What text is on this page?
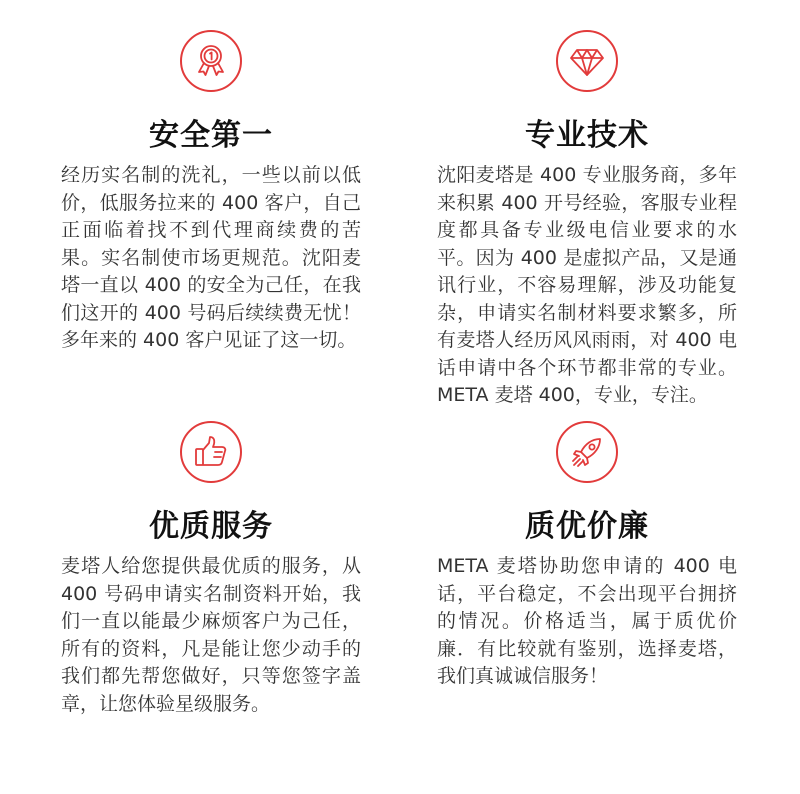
安全第一

经历实名制的洗礼，一些以前以低价，低服务拉来的 400 客户，自己正面临着找不到代理商续费的苦果。实名制使市场更规范。沈阳麦塔一直以 400 的安全为己任，在我们这开的 400 号码后续续费无忧！多年来的 400 客户见证了这一切。

专业技术

沈阳麦塔是 400 专业服务商，多年来积累 400 开号经验，客服专业程度都具备专业级电信业要求的水平。因为 400 是虚拟产品，又是通讯行业，不容易理解，涉及功能复杂，申请实名制材料要求繁多，所有麦塔人经历风风雨雨，对 400 电话申请中各个环节都非常的专业。META 麦塔 400，专业，专注。

优质服务

麦塔人给您提供最优质的服务，从 400 号码申请实名制资料开始，我们一直以能最少麻烦客户为己任，所有的资料，凡是能让您少动手的我们都先帮您做好，只等您签字盖章，让您体验星级服务。

质优价廉

META 麦塔协助您申请的 400 电话，平台稳定，不会出现平台拥挤的情况。价格适当，属于质优价廉．有比较就有鉴别，选择麦塔，我们真诚诚信服务！
